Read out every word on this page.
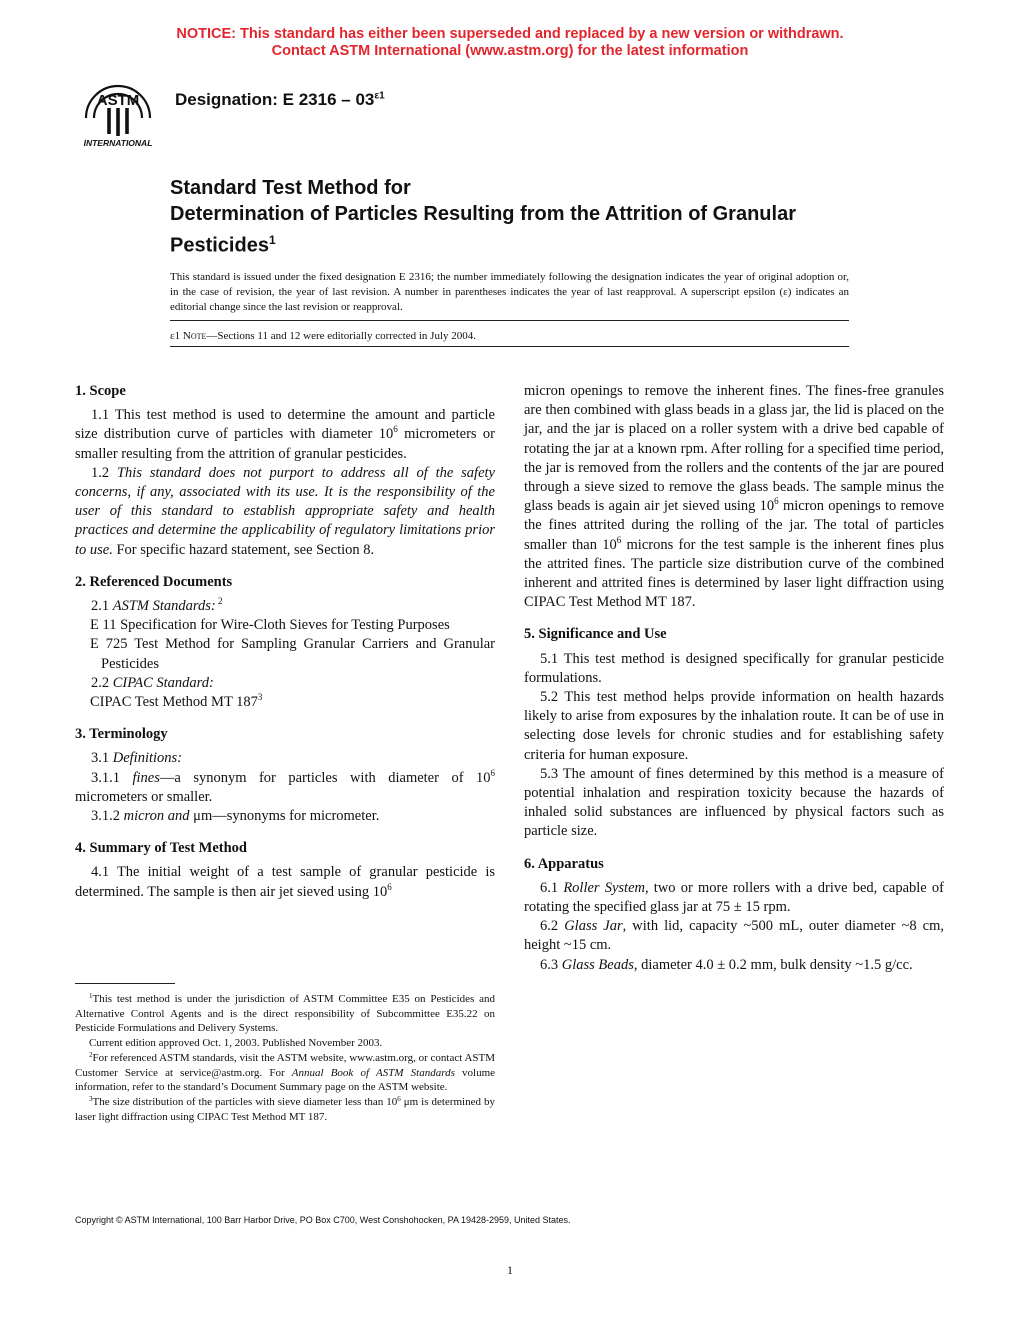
NOTICE: This standard has either been superseded and replaced by a new version or withdrawn.
Contact ASTM International (www.astm.org) for the latest information
ASTM
INTERNATIONAL
Designation: E $2316 - 03^{\varepsilon 1}$
Standard Test Method for
Determination of Particles Resulting from the Attrition of Granular Pesticides$^1$

This standard is issued under the fixed designation E 2316; the number immediately following the designation indicates the year of original adoption or, in the case of revision, the year of last revision. A number in parentheses indicates the year of last reapproval. A superscript epsilon (ε) indicates an editorial change since the last revision or reapproval.

ε1 Note—Sections 11 and 12 were editorially corrected in July 2004.
1. Scope

1.1 This test method is used to determine the amount and particle size distribution curve of particles with diameter $10^6$ micrometers or smaller resulting from the attrition of granular pesticides.

1.2 This standard does not purport to address all of the safety concerns, if any, associated with its use. It is the responsibility of the user of this standard to establish appropriate safety and health practices and determine the applicability of regulatory limitations prior to use. For specific hazard statement, see Section 8.

2. Referenced Documents

2.1 ASTM Standards: $^2$

E 11 Specification for Wire-Cloth Sieves for Testing Purposes

E 725 Test Method for Sampling Granular Carriers and Granular Pesticides

2.2 CIPAC Standard:

CIPAC Test Method MT $187^3$

3. Terminology

3.1 Definitions:

3.1.1 fines—a synonym for particles with diameter of $10^6$ micrometers or smaller.

3.1.2 micron and μm—synonyms for micrometer.

4. Summary of Test Method

4.1 The initial weight of a test sample of granular pesticide is determined. The sample is then air jet sieved using $10^6$

$^1$This test method is under the jurisdiction of ASTM Committee E35 on Pesticides and Alternative Control Agents and is the direct responsibility of Subcommittee E35.22 on Pesticide Formulations and Delivery Systems.

Current edition approved Oct. 1, 2003. Published November 2003.

$^2$For referenced ASTM standards, visit the ASTM website, www.astm.org, or contact ASTM Customer Service at service@astm.org. For Annual Book of ASTM Standards volume information, refer to the standard’s Document Summary page on the ASTM website.

$^3$The size distribution of the particles with sieve diameter less than $10^6$ μm is determined by laser light diffraction using CIPAC Test Method MT 187.

micron openings to remove the inherent fines. The fines-free granules are then combined with glass beads in a glass jar, the lid is placed on the jar, and the jar is placed on a roller system with a drive bed capable of rotating the jar at a known rpm. After rolling for a specified time period, the jar is removed from the rollers and the contents of the jar are poured through a sieve sized to remove the glass beads. The sample minus the glass beads is again air jet sieved using $10^6$ micron openings to remove the fines attrited during the rolling of the jar. The total of particles smaller than $10^6$ microns for the test sample is the inherent fines plus the attrited fines. The particle size distribution curve of the combined inherent and attrited fines is determined by laser light diffraction using CIPAC Test Method MT 187.

5. Significance and Use

5.1 This test method is designed specifically for granular pesticide formulations.

5.2 This test method helps provide information on health hazards likely to arise from exposures by the inhalation route. It can be of use in selecting dose levels for chronic studies and for establishing safety criteria for human exposure.

5.3 The amount of fines determined by this method is a measure of potential inhalation and respiration toxicity because the hazards of inhaled solid substances are influenced by physical factors such as particle size.

6. Apparatus

6.1 Roller System, two or more rollers with a drive bed, capable of rotating the specified glass jar at 75 ± 15 rpm.

6.2 Glass Jar, with lid, capacity ~500 mL, outer diameter ~8 cm, height ~15 cm.

6.3 Glass Beads, diameter 4.0 ± 0.2 mm, bulk density ~1.5 g/cc.

Copyright © ASTM International, 100 Barr Harbor Drive, PO Box C700, West Conshohocken, PA 19428-2959, United States.
1
